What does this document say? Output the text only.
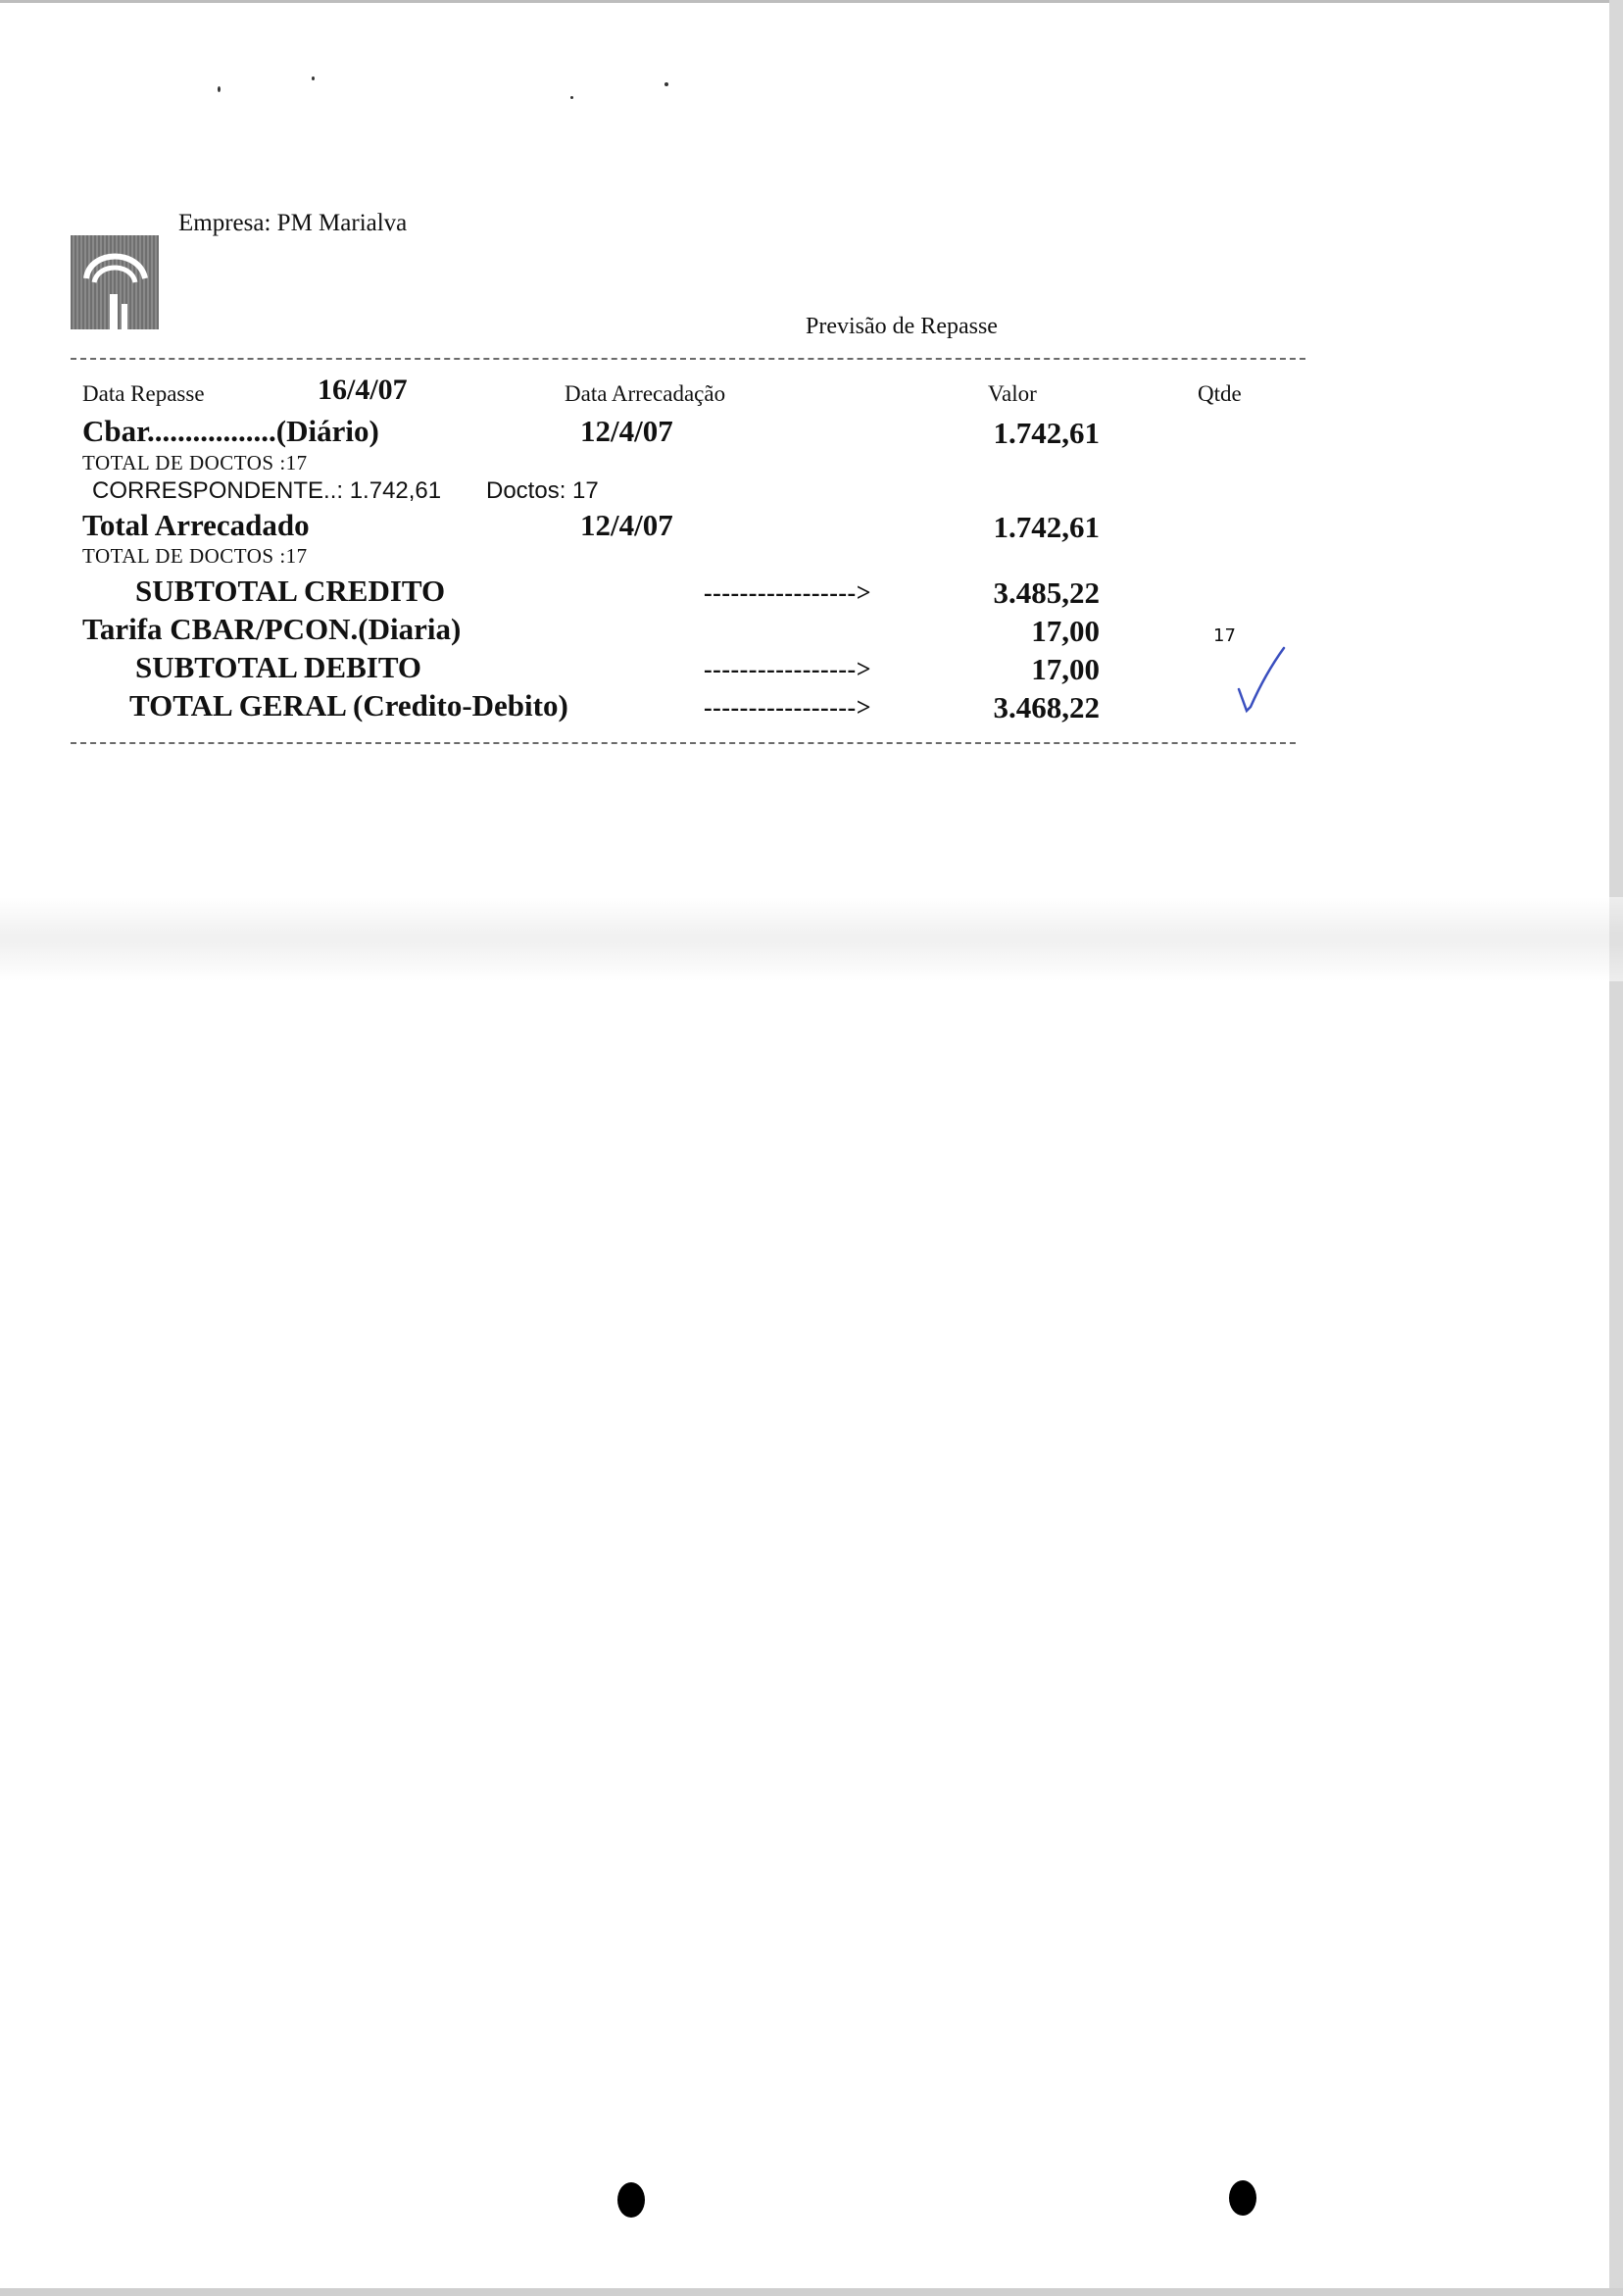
Empresa: PM Marialva
Previsão de Repasse
Data Repasse	16/4/07	Data Arrecadação	Valor	Qtde
Cbar.................(Diário)	12/4/07	1.742,61
TOTAL DE DOCTOS :17
CORRESPONDENTE..: 1.742,61 Doctos: 17
Total Arrecadado	12/4/07	1.742,61
TOTAL DE DOCTOS :17
SUBTOTAL CREDITO	----------------->	3.485,22
Tarifa CBAR/PCON.(Diaria)	17,00	17
SUBTOTAL DEBITO	----------------->	17,00
TOTAL GERAL (Credito-Debito)	----------------->	3.468,22
